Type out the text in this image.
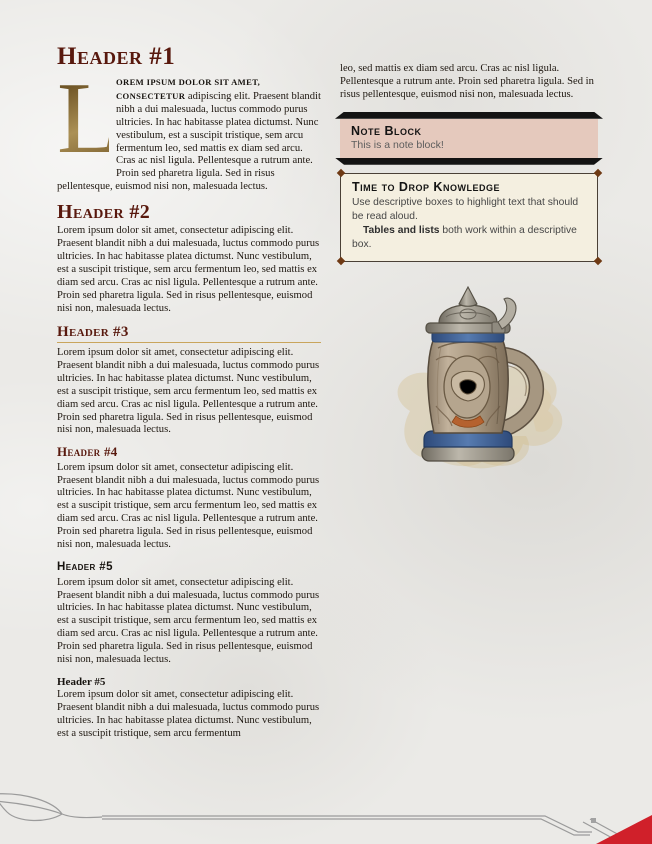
Header #1

L
OREM IPSUM DOLOR SIT AMET, CONSECTETUR adipiscing elit. Praesent blandit nibh a dui malesuada, luctus commodo purus ultricies. In hac habitasse platea dictumst. Nunc vestibulum, est a suscipit tristique, sem arcu fermentum leo, sed mattis ex diam sed arcu. Cras ac nisl ligula. Pellentesque a rutrum ante. Proin sed pharetra ligula. Sed in risus pellentesque, euismod nisi non, malesuada lectus.

Header #2

Lorem ipsum dolor sit amet, consectetur adipiscing elit. Praesent blandit nibh a dui malesuada, luctus commodo purus ultricies. In hac habitasse platea dictumst. Nunc vestibulum, est a suscipit tristique, sem arcu fermentum leo, sed mattis ex diam sed arcu. Cras ac nisl ligula. Pellentesque a rutrum ante. Proin sed pharetra ligula. Sed in risus pellentesque, euismod nisi non, malesuada lectus.

Header #3

Lorem ipsum dolor sit amet, consectetur adipiscing elit. Praesent blandit nibh a dui malesuada, luctus commodo purus ultricies. In hac habitasse platea dictumst. Nunc vestibulum, est a suscipit tristique, sem arcu fermentum leo, sed mattis ex diam sed arcu. Cras ac nisl ligula. Pellentesque a rutrum ante. Proin sed pharetra ligula. Sed in risus pellentesque, euismod nisi non, malesuada lectus.

Header #4

Lorem ipsum dolor sit amet, consectetur adipiscing elit. Praesent blandit nibh a dui malesuada, luctus commodo purus ultricies. In hac habitasse platea dictumst. Nunc vestibulum, est a suscipit tristique, sem arcu fermentum leo, sed mattis ex diam sed arcu. Cras ac nisl ligula. Pellentesque a rutrum ante. Proin sed pharetra ligula. Sed in risus pellentesque, euismod nisi non, malesuada lectus.

Header #5

Lorem ipsum dolor sit amet, consectetur adipiscing elit. Praesent blandit nibh a dui malesuada, luctus commodo purus ultricies. In hac habitasse platea dictumst. Nunc vestibulum, est a suscipit tristique, sem arcu fermentum leo, sed mattis ex diam sed arcu. Cras ac nisl ligula. Pellentesque a rutrum ante. Proin sed pharetra ligula. Sed in risus pellentesque, euismod nisi non, malesuada lectus.

Header #5

Lorem ipsum dolor sit amet, consectetur adipiscing elit. Praesent blandit nibh a dui malesuada, luctus commodo purus ultricies. In hac habitasse platea dictumst. Nunc vestibulum, est a suscipit tristique, sem arcu fermentum

leo, sed mattis ex diam sed arcu. Cras ac nisl ligula. Pellentesque a rutrum ante. Proin sed pharetra ligula. Sed in risus pellentesque, euismod nisi non, malesuada lectus.

Note Block
This is a note block!
Time to Drop Knowledge
Use descriptive boxes to highlight text that should be read aloud.
Tables and lists both work within a descriptive box.
